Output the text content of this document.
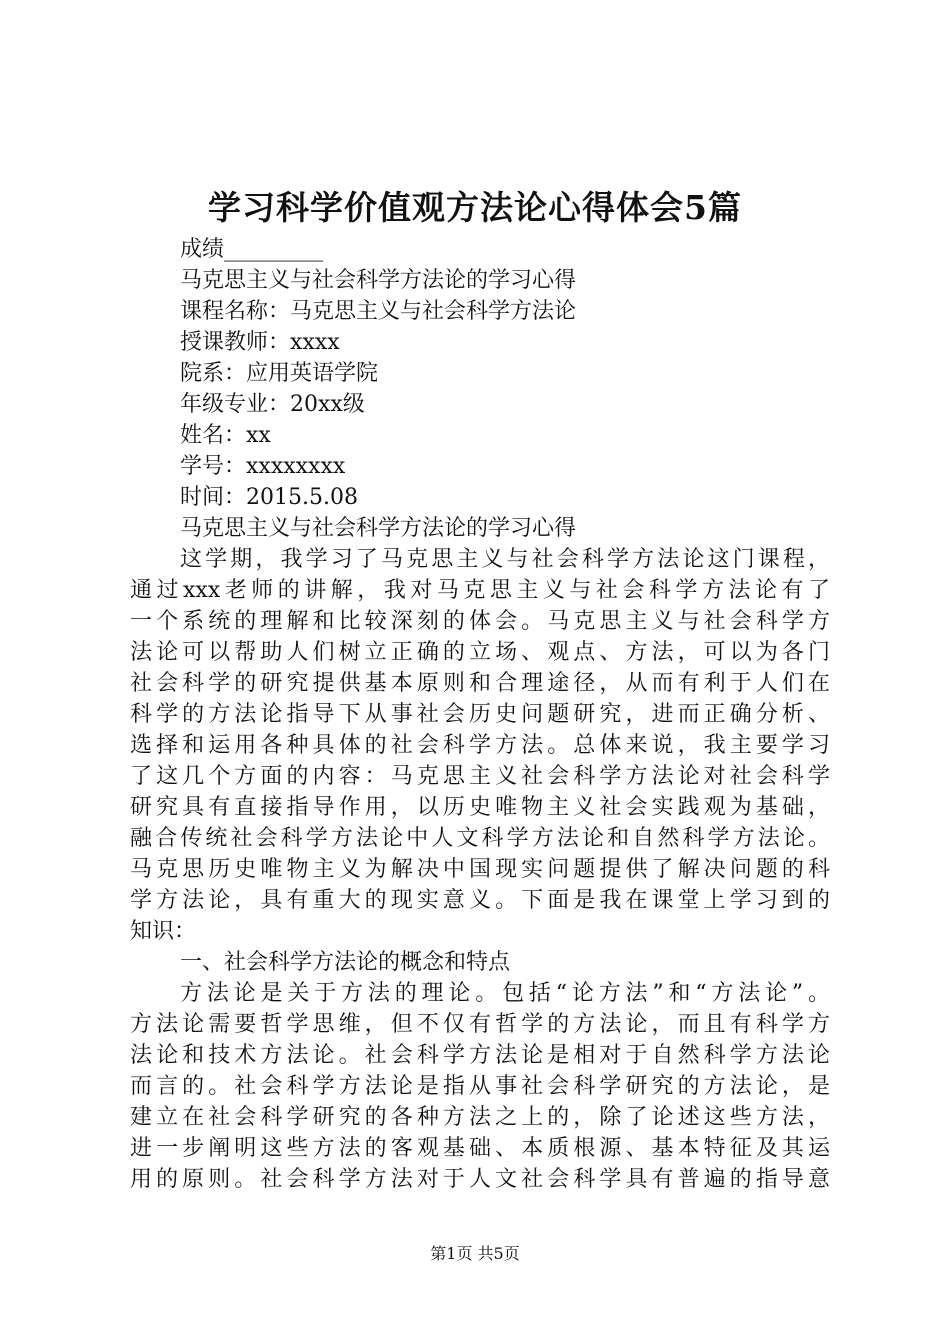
学习科学价值观方法论心得体会5篇
成绩_________
马克思主义与社会科学方法论的学习心得
课程名称：马克思主义与社会科学方法论
授课教师：xxxx
院系：应用英语学院
年级专业：20xx级
姓名：xx
学号：xxxxxxxx
时间：2015.5.08
马克思主义与社会科学方法论的学习心得
这学期，我学习了马克思主义与社会科学方法论这门课程，
通过xxx老师的讲解，我对马克思主义与社会科学方法论有了
一个系统的理解和比较深刻的体会。马克思主义与社会科学方
法论可以帮助人们树立正确的立场、观点、方法，可以为各门
社会科学的研究提供基本原则和合理途径，从而有利于人们在
科学的方法论指导下从事社会历史问题研究，进而正确分析、
选择和运用各种具体的社会科学方法。总体来说，我主要学习
了这几个方面的内容：马克思主义社会科学方法论对社会科学
研究具有直接指导作用，以历史唯物主义社会实践观为基础，
融合传统社会科学方法论中人文科学方法论和自然科学方法论。
马克思历史唯物主义为解决中国现实问题提供了解决问题的科
学方法论，具有重大的现实意义。下面是我在课堂上学习到的
知识：
一、社会科学方法论的概念和特点
方法论是关于方法的理论。包括“论方法”和“方法论”。
方法论需要哲学思维，但不仅有哲学的方法论，而且有科学方
法论和技术方法论。社会科学方法论是相对于自然科学方法论
而言的。社会科学方法论是指从事社会科学研究的方法论，是
建立在社会科学研究的各种方法之上的，除了论述这些方法，
进一步阐明这些方法的客观基础、本质根源、基本特征及其运
用的原则。社会科学方法对于人文社会科学具有普遍的指导意
第1页 共5页
